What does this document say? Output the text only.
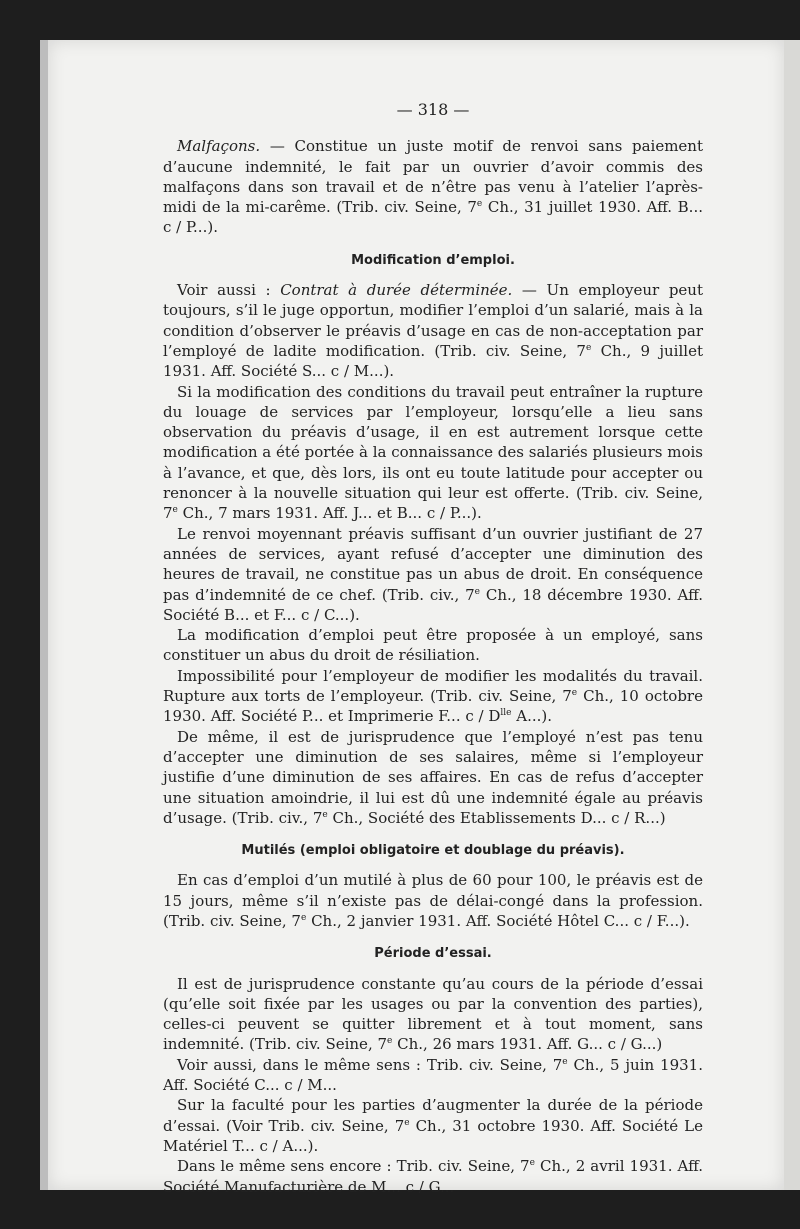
— 318 —

Malfaçons. — Constitue un juste motif de renvoi sans paiement d’aucune indemnité, le fait par un ouvrier d’avoir commis des malfaçons dans son travail et de n’être pas venu à l’atelier l’après-midi de la mi-carême. (Trib. civ. Seine, 7e Ch., 31 juillet 1930. Aff. B... c / P...).

Modification d’emploi.

Voir aussi : Contrat à durée déterminée. — Un employeur peut toujours, s’il le juge opportun, modifier l’emploi d’un salarié, mais à la condition d’observer le préavis d’usage en cas de non-acceptation par l’employé de ladite modification. (Trib. civ. Seine, 7e Ch., 9 juillet 1931. Aff. Société S... c / M...).

Si la modification des conditions du travail peut entraîner la rupture du louage de services par l’employeur, lorsqu’elle a lieu sans observation du préavis d’usage, il en est autrement lorsque cette modification a été portée à la connaissance des salariés plusieurs mois à l’avance, et que, dès lors, ils ont eu toute latitude pour accepter ou renoncer à la nouvelle situation qui leur est offerte. (Trib. civ. Seine, 7e Ch., 7 mars 1931. Aff. J... et B... c / P...).

Le renvoi moyennant préavis suffisant d’un ouvrier justifiant de 27 années de services, ayant refusé d’accepter une diminution des heures de travail, ne constitue pas un abus de droit. En conséquence pas d’indemnité de ce chef. (Trib. civ., 7e Ch., 18 décembre 1930. Aff. Société B... et F... c / C...).

La modification d’emploi peut être proposée à un employé, sans constituer un abus du droit de résiliation.

Impossibilité pour l’employeur de modifier les modalités du travail. Rupture aux torts de l’employeur. (Trib. civ. Seine, 7e Ch., 10 octobre 1930. Aff. Société P... et Imprimerie F... c / $D^{lle}$ A...).

De même, il est de jurisprudence que l’employé n’est pas tenu d’accepter une diminution de ses salaires, même si l’employeur justifie d’une diminution de ses affaires. En cas de refus d’accepter une situation amoindrie, il lui est dû une indemnité égale au préavis d’usage. (Trib. civ., 7e Ch., Société des Etablissements D... c / R...)

Mutilés (emploi obligatoire et doublage du préavis).

En cas d’emploi d’un mutilé à plus de 60 pour 100, le préavis est de 15 jours, même s’il n’existe pas de délai-congé dans la profession. (Trib. civ. Seine, 7e Ch., 2 janvier 1931. Aff. Société Hôtel C... c / F...).

Période d’essai.

Il est de jurisprudence constante qu’au cours de la période d’essai (qu’elle soit fixée par les usages ou par la convention des parties), celles-ci peuvent se quitter librement et à tout moment, sans indemnité. (Trib. civ. Seine, 7e Ch., 26 mars 1931. Aff. G... c / G...)

Voir aussi, dans le même sens : Trib. civ. Seine, 7e Ch., 5 juin 1931. Aff. Société C... c / M...

Sur la faculté pour les parties d’augmenter la durée de la période d’essai. (Voir Trib. civ. Seine, 7e Ch., 31 octobre 1930. Aff. Société Le Matériel T... c / A...).

Dans le même sens encore : Trib. civ. Seine, 7e Ch., 2 avril 1931. Aff. Société Manufacturière de M... c / G...
